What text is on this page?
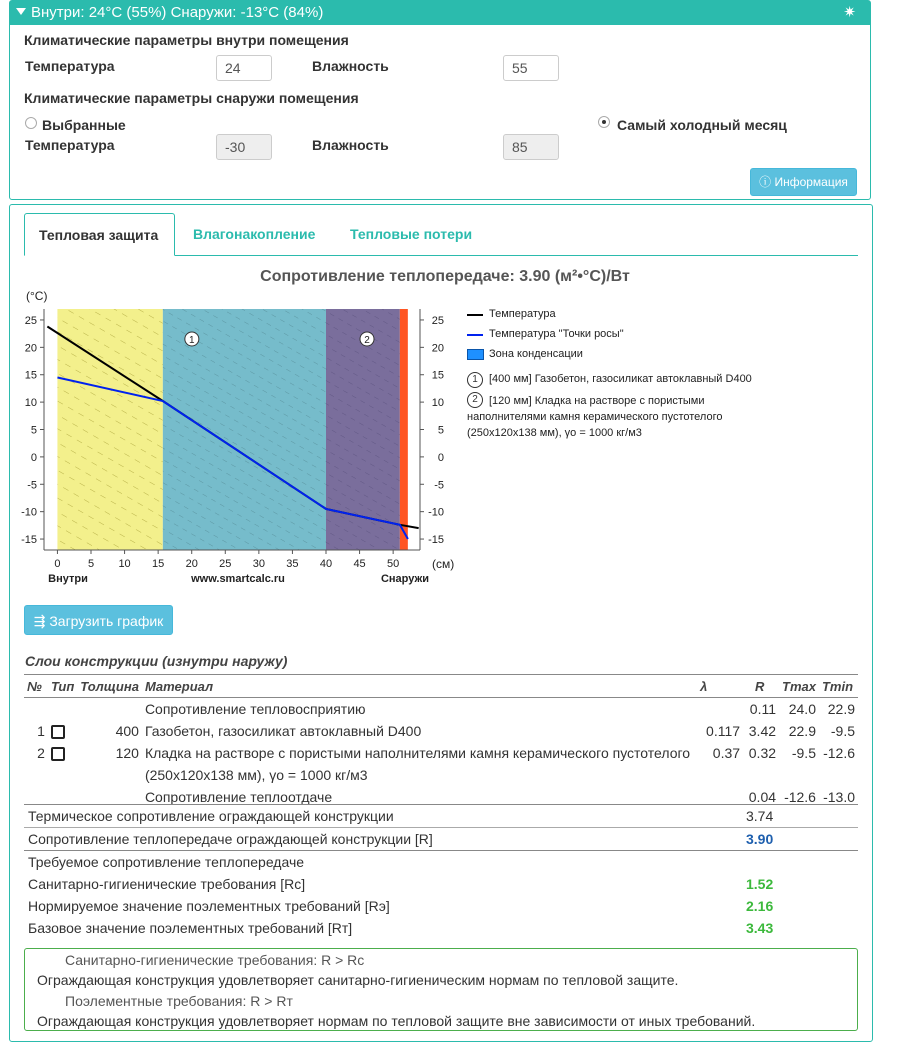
Внутри: 24°C (55%) Снаружи: -13°C (84%)	✷
Климатические параметры внутри помещения
Температура	24	Влажность	55
Климатические параметры снаружи помещения
Выбранные	Самый холодный месяц
Температура	-30	Влажность	85
ⓘ Информация
Тепловая защита	Влагонакопление	Тепловые потери
Сопротивление теплопередаче: 3.90 (м²•°С)/Вт
1	2
25	25
20	20
15	15
10	10
5	5
0	0
-5	-5
-10	-10
-15	-15
0 5 10 15 20 25 30 35 40 45 50
(°С)
(см)
Внутри	Снаружи
www.smartcalc.ru
Температура
Температура "Точки росы"
Зона конденсации
1	[400 мм] Газобетон, газосиликат автоклавный D400
2	[120 мм] Кладка на растворе с пористыми наполнителями камня керамического пустотелого (250х120х138 мм), γо = 1000 кг/м3
⇶ Загрузить график
Слои конструкции (изнутри наружу)
№	Тип	Толщина	Материал	λ	R	Tmax	Tmin
			Сопротивление тепловосприятию		0.11	24.0	22.9
1		400	Газобетон, газосиликат автоклавный D400	0.117	3.42	22.9	-9.5
2		120	Кладка на растворе с пористыми наполнителями камня керамического пустотелого	0.37	0.32	-9.5	-12.6
			(250х120х138 мм), γо = 1000 кг/м3				
			Сопротивление теплоотдаче		0.04	-12.6	-13.0
Термическое сопротивление ограждающей конструкции	3.74
Сопротивление теплопередаче ограждающей конструкции [R]	3.90
Требуемое сопротивление теплопередаче
Санитарно-гигиенические требования [Rс]	1.52
Нормируемое значение поэлементных требований [Rэ]	2.16
Базовое значение поэлементных требований [Rт]	3.43
Санитарно-гигиенические требования: R > Rс
Ограждающая конструкция удовлетворяет санитарно-гигиеническим нормам по тепловой защите.
Поэлементные требования: R > Rт
Ограждающая конструкция удовлетворяет нормам по тепловой защите вне зависимости от иных требований.
